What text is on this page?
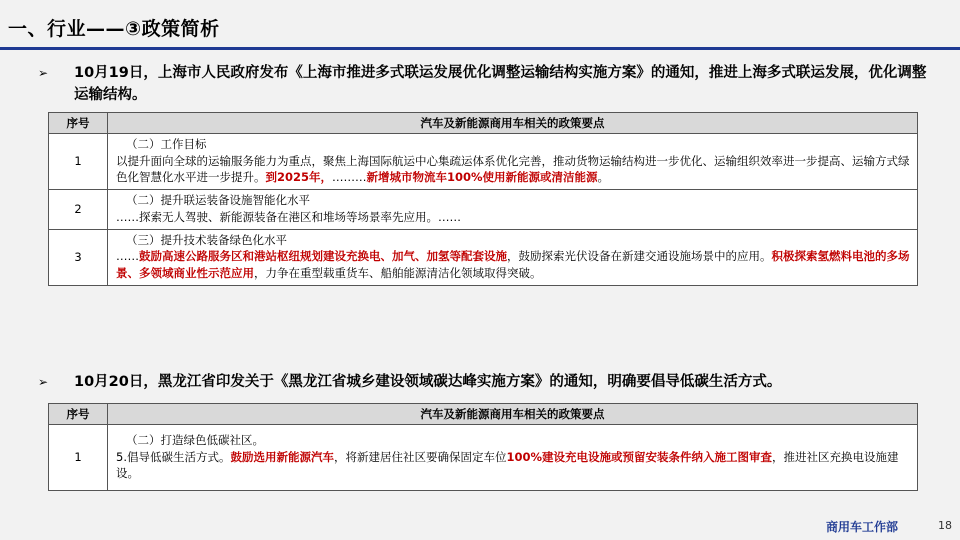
一、行业——③政策简析
➢	10月19日，上海市人民政府发布《上海市推进多式联运发展优化调整运输结构实施方案》的通知，推进上海多式联运发展，优化调整运输结构。
序号	汽车及新能源商用车相关的政策要点
1	（二）工作目标
以提升面向全球的运输服务能力为重点，聚焦上海国际航运中心集疏运体系优化完善，推动货物运输结构进一步优化、运输组织效率进一步提高、运输方式绿色化智慧化水平进一步提升。到2025年，………新增城市物流车100%使用新能源或清洁能源。
2	（二）提升联运装备设施智能化水平
……探索无人驾驶、新能源装备在港区和堆场等场景率先应用。……
3	（三）提升技术装备绿色化水平
……鼓励高速公路服务区和港站枢纽规划建设充换电、加气、加氢等配套设施，鼓励探索光伏设备在新建交通设施场景中的应用。积极探索氢燃料电池的多场景、多领域商业性示范应用，力争在重型载重货车、船舶能源清洁化领域取得突破。
➢	10月20日，黑龙江省印发关于《黑龙江省城乡建设领域碳达峰实施方案》的通知，明确要倡导低碳生活方式。
序号	汽车及新能源商用车相关的政策要点
1	（二）打造绿色低碳社区。
5.倡导低碳生活方式。鼓励选用新能源汽车，将新建居住社区要确保固定车位100%建设充电设施或预留安装条件纳入施工图审查，推进社区充换电设施建设。
商用车工作部	18
